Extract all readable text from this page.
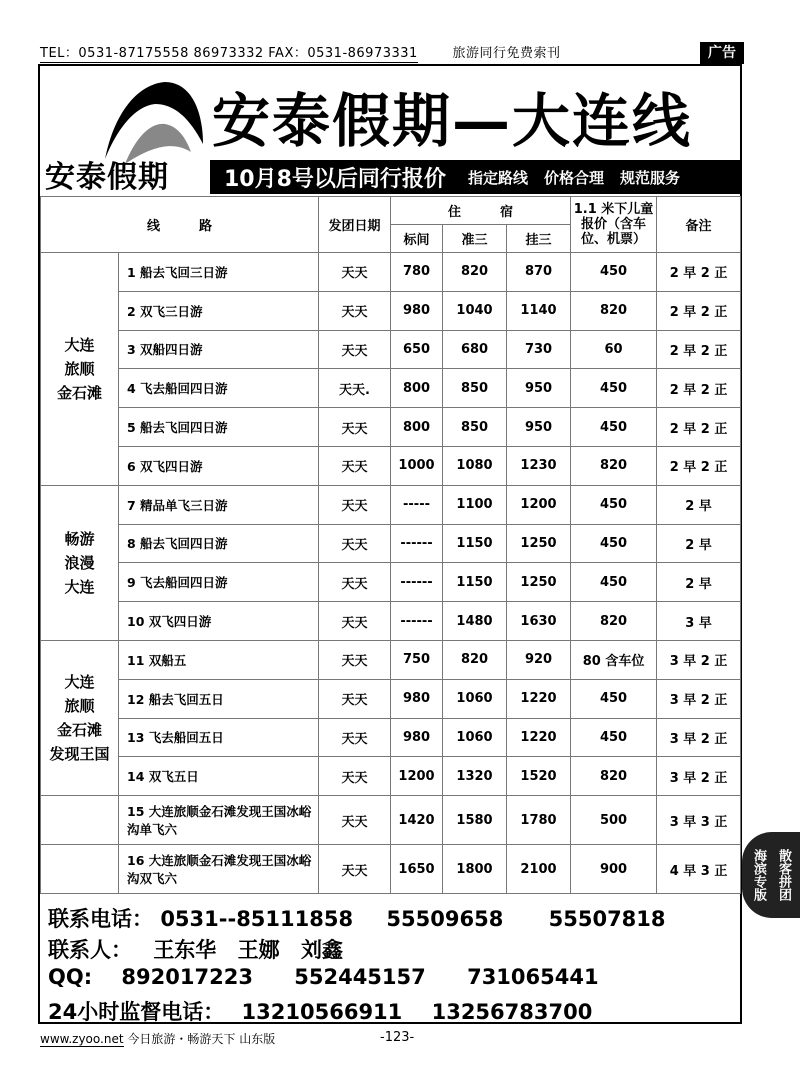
TEL：0531-87175558 86973332 FAX：0531-86973331	旅游同行免费索刊	广告
安泰假期
安泰假期—大连线
10月8号以后同行报价 指定路线 价格合理 规范服务
线　　　路		发团日期	住　　　宿			1.1 米下儿童报价（含车位、机票）	备注
			标间	准三	挂三		

大连
旅顺
金石滩	1 船去飞回三日游	天天	780	820	870	450	2 早 2 正
	2 双飞三日游	天天	980	1040	1140	820	2 早 2 正
	3 双船四日游	天天	650	680	730	60	2 早 2 正
	4 飞去船回四日游	天天.	800	850	950	450	2 早 2 正
	5 船去飞回四日游	天天	800	850	950	450	2 早 2 正
	6 双飞四日游	天天	1000	1080	1230	820	2 早 2 正

畅游
浪漫
大连	7 精品单飞三日游	天天	-----	1100	1200	450	2 早
	8 船去飞回四日游	天天	------	1150	1250	450	2 早
	9 飞去船回四日游	天天	------	1150	1250	450	2 早
	10 双飞四日游	天天	------	1480	1630	820	3 早

大连
旅顺
金石滩
发现王国	11 双船五	天天	750	820	920	80 含车位	3 早 2 正
	12 船去飞回五日	天天	980	1060	1220	450	3 早 2 正
	13 飞去船回五日	天天	980	1060	1220	450	3 早 2 正
	14 双飞五日	天天	1200	1320	1520	820	3 早 2 正
	15 大连旅顺金石滩发现王国冰峪沟单飞六	天天	1420	1580	1780	500	3 早 3 正
	16 大连旅顺金石滩发现王国冰峪沟双飞六	天天	1650	1800	2100	900	4 早 3 正
联系电话： 0531--85111858 55509658 55507818
联系人： 王东华 王娜 刘鑫
QQ: 892017223 552445157 731065441
24小时监督电话： 13210566911 13256783700
www.zyoo.net 今日旅游・畅游天下 山东版	-123-
海滨专版 散客拼团
